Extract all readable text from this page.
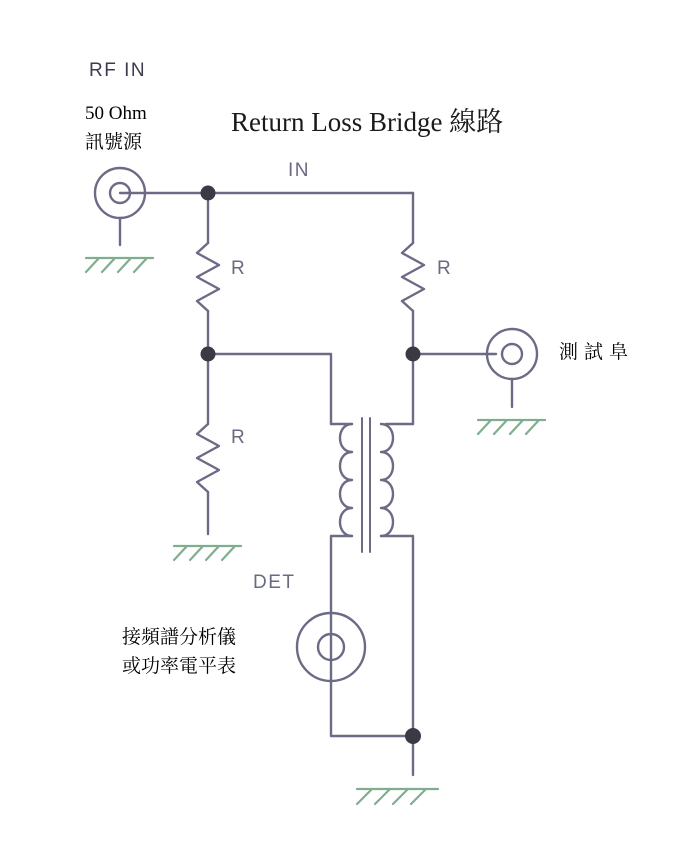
RF IN
50 Ohm
訊號源
Return Loss Bridge 線路
IN
R	R
R
測 試 阜
DET
接頻譜分析儀
或功率電平表
